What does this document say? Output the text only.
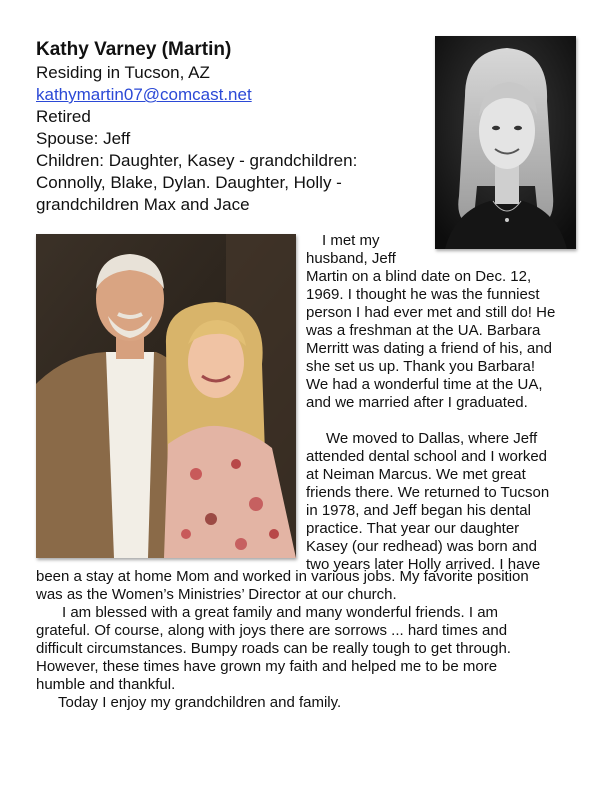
Kathy Varney (Martin)
Residing in Tucson, AZ
kathymartin07@comcast.net
Retired
Spouse: Jeff
Children: Daughter, Kasey - grandchildren:
Connolly, Blake, Dylan. Daughter, Holly -
grandchildren Max and Jace

I met my

husband, Jeff

Martin on a blind date on Dec. 12,

1969. I thought he was the funniest

person I had ever met and still do! He

was a freshman at the UA. Barbara

Merritt was dating a friend of his, and

she set us up. Thank you Barbara!

We had a wonderful time at the UA,

and we married after I graduated.

We moved to Dallas, where Jeff

attended dental school and I worked

at Neiman Marcus. We met great

friends there. We returned to Tucson

in 1978, and Jeff began his dental

practice. That year our daughter

Kasey (our redhead) was born and

two years later Holly arrived. I have

been a stay at home Mom and worked in various jobs. My favorite position

was as the Women’s Ministries’ Director at our church.

I am blessed with a great family and many wonderful friends. I am

grateful. Of course, along with joys there are sorrows ... hard times and

difficult circumstances. Bumpy roads can be really tough to get through.

However, these times have grown my faith and helped me to be more

humble and thankful.

Today I enjoy my grandchildren and family.
